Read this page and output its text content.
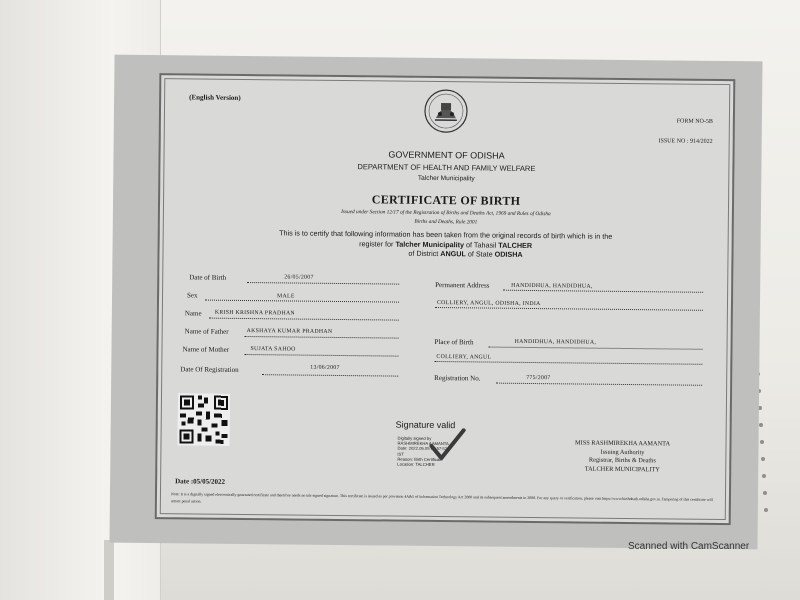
(English Version)
FORM NO-5B
ISSUE NO : 914/2022
GOVERNMENT OF ODISHA
DEPARTMENT OF HEALTH AND FAMILY WELFARE
Talcher Municipality
CERTIFICATE OF BIRTH
Issued under Section 12/17 of the Registration of Births and Deaths Act, 1969 and Rules of Odisha
Births and Deaths, Rule 2001
This is to certify that following information has been taken from the original records of birth which is in the
register for Talcher Municipality of Tahasil TALCHER
of District ANGUL of State ODISHA
Date of Birth	26/05/2007
Sex	MALE
Name KRISH KRISHNA PRADHAN
Name of Father	AKSHAYA KUMAR PRADHAN
Name of Mother	SUJATA SAHOO
Date Of Registration	13/06/2007
Permanent Address	HANDIDHUA, HANDIDHUA,
COLLIERY, ANGUL, ODISHA, INDIA
Place of Birth	HANDIDHUA, HANDIDHUA,
COLLIERY, ANGUL
Registration No.	775/2007
Signature valid
Digitally signed by
RASHMIREKHA AAMANTA
Date: 2022.05.05 07:57:52
IST
Reason: Birth Certificate
Location: TALCHER
MISS RASHMIREKHA AAMANTA
Issuing Authority
Registrar, Births & Deaths
TALCHER MUNICIPALITY
Date :05/05/2022
Note: It is a digitally signed electronically generated certificate and therefore needs no ink-signed signature. This certificate is issued as per provision 4A&5 of Information Technology Act 2000 and its subsequent amendments in 2008. For any query or verification, please visit https://www.birthdeath.odisha.gov.in. Tampering of this certificate will attract penal action.
Scanned with CamScanner
